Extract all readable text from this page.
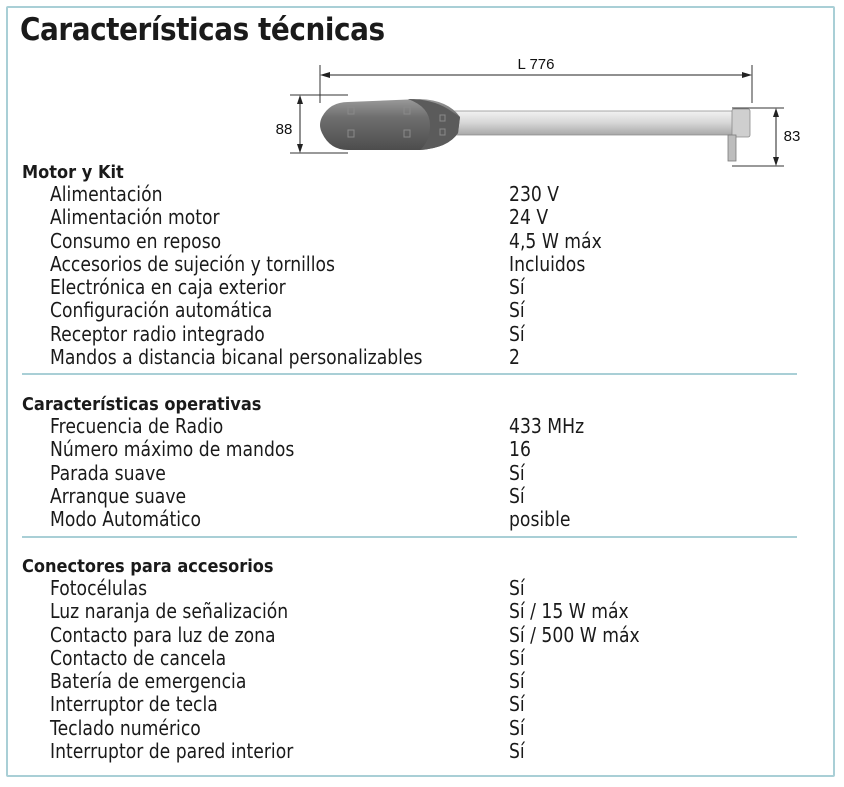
Características técnicas
L 776
88	83
Motor y Kit
Alimentación	230 V
Alimentación motor	24 V
Consumo en reposo	4,5 W máx
Accesorios de sujeción y tornillos	Incluidos
Electrónica en caja exterior	Sí
Configuración automática	Sí
Receptor radio integrado	Sí
Mandos a distancia bicanal personalizables	2
Características operativas
Frecuencia de Radio	433 MHz
Número máximo de mandos	16
Parada suave	Sí
Arranque suave	Sí
Modo Automático	posible
Conectores para accesorios
Fotocélulas	Sí
Luz naranja de señalización	Sí / 15 W máx
Contacto para luz de zona	Sí / 500 W máx
Contacto de cancela	Sí
Batería de emergencia	Sí
Interruptor de tecla	Sí
Teclado numérico	Sí
Interruptor de pared interior	Sí
